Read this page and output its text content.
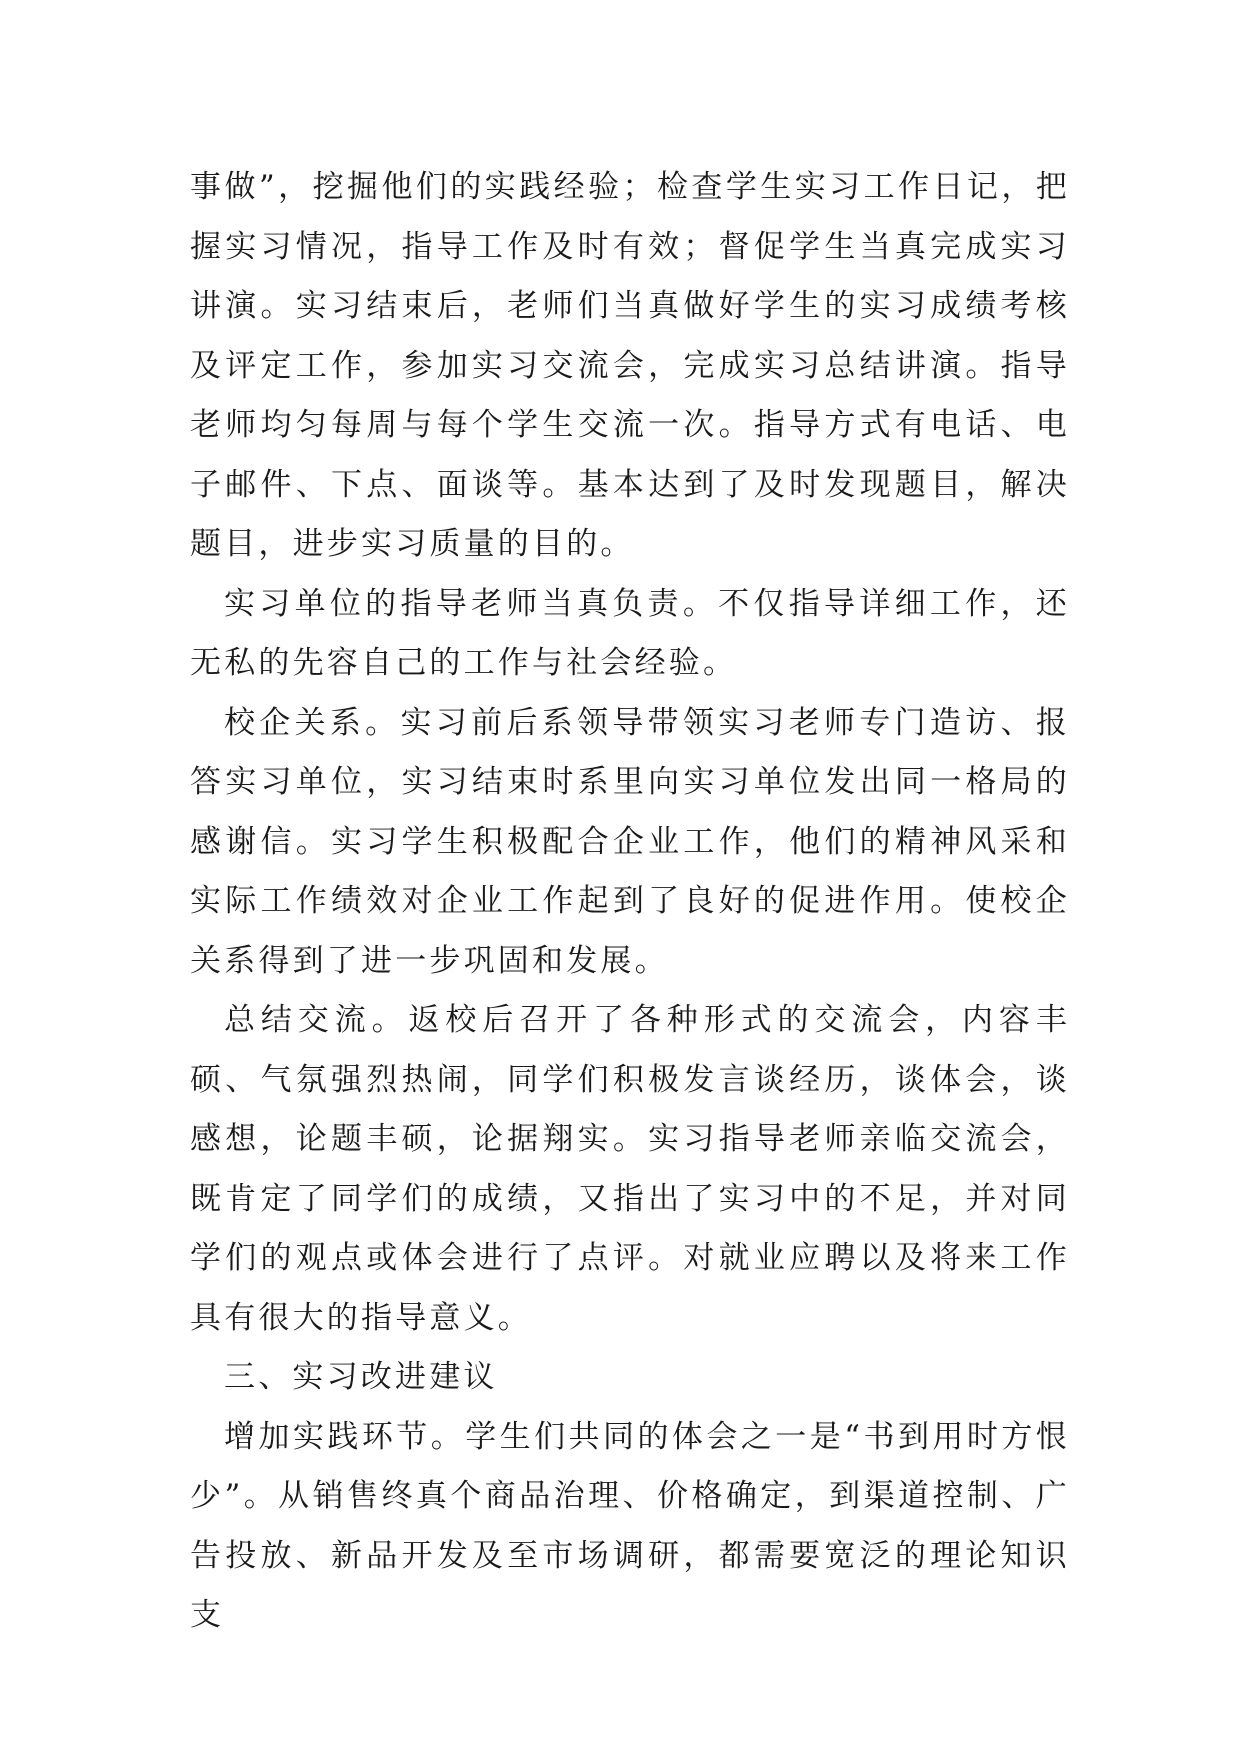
事做”，挖掘他们的实践经验；检查学生实习工作日记，把握实习情况，指导工作及时有效；督促学生当真完成实习讲演。实习结束后，老师们当真做好学生的实习成绩考核及评定工作，参加实习交流会，完成实习总结讲演。指导老师均匀每周与每个学生交流一次。指导方式有电话、电子邮件、下点、面谈等。基本达到了及时发现题目，解决题目，进步实习质量的目的。

实习单位的指导老师当真负责。不仅指导详细工作，还无私的先容自己的工作与社会经验。

校企关系。实习前后系领导带领实习老师专门造访、报答实习单位，实习结束时系里向实习单位发出同一格局的感谢信。实习学生积极配合企业工作，他们的精神风采和实际工作绩效对企业工作起到了良好的促进作用。使校企关系得到了进一步巩固和发展。

总结交流。返校后召开了各种形式的交流会，内容丰硕、气氛强烈热闹，同学们积极发言谈经历，谈体会，谈感想，论题丰硕，论据翔实。实习指导老师亲临交流会，既肯定了同学们的成绩，又指出了实习中的不足，并对同学们的观点或体会进行了点评。对就业应聘以及将来工作具有很大的指导意义。

三、实习改进建议

增加实践环节。学生们共同的体会之一是“书到用时方恨少”。从销售终真个商品治理、价格确定，到渠道控制、广告投放、新品开发及至市场调研，都需要宽泛的理论知识支
